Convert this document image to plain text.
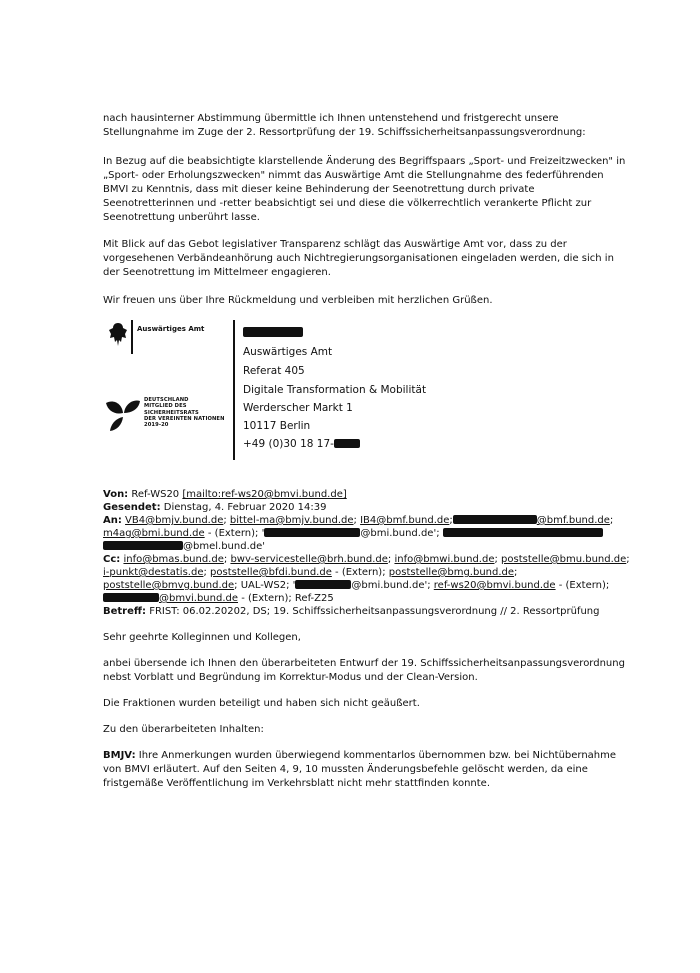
nach hausinterner Abstimmung übermittle ich Ihnen untenstehend und fristgerecht unsere
Stellungnahme im Zuge der 2. Ressortprüfung der 19. Schiffssicherheitsanpassungsverordnung:
In Bezug auf die beabsichtigte klarstellende Änderung des Begriffspaars „Sport- und Freizeitzwecken" in
„Sport- oder Erholungszwecken" nimmt das Auswärtige Amt die Stellungnahme des federführenden
BMVI zu Kenntnis, dass mit dieser keine Behinderung der Seenotrettung durch private
Seenotretterinnen und -retter beabsichtigt sei und diese die völkerrechtlich verankerte Pflicht zur
Seenotrettung unberührt lasse.
Mit Blick auf das Gebot legislativer Transparenz schlägt das Auswärtige Amt vor, dass zu der
vorgesehenen Verbändeanhörung auch Nichtregierungsorganisationen eingeladen werden, die sich in
der Seenotrettung im Mittelmeer engagieren.
Wir freuen uns über Ihre Rückmeldung und verbleiben mit herzlichen Grüßen.
Auswärtiges Amt
DEUTSCHLAND
MITGLIED DES
SICHERHEITSRATS
DER VEREINTEN NATIONEN
2019-20
Auswärtiges Amt
Referat 405
Digitale Transformation & Mobilität
Werderscher Markt 1
10117 Berlin
+49 (0)30 18 17-
Von: Ref-WS20 [mailto:ref-ws20@bmvi.bund.de]
Gesendet: Dienstag, 4. Februar 2020 14:39
An: VB4@bmjv.bund.de; bittel-ma@bmjv.bund.de; IB4@bmf.bund.de;	@bmf.bund.de;
m4ag@bmi.bund.de - (Extern); '	@bmi.bund.de';
@bmel.bund.de'
Cc: info@bmas.bund.de; bwv-servicestelle@brh.bund.de; info@bmwi.bund.de; poststelle@bmu.bund.de;
i-punkt@destatis.de; poststelle@bfdi.bund.de - (Extern); poststelle@bmg.bund.de;
poststelle@bmvg.bund.de; UAL-WS2; '	@bmi.bund.de'; ref-ws20@bmvi.bund.de - (Extern);
@bmvi.bund.de - (Extern); Ref-Z25
Betreff: FRIST: 06.02.20202, DS; 19. Schiffssicherheitsanpassungsverordnung // 2. Ressortprüfung
Sehr geehrte Kolleginnen und Kollegen,
anbei übersende ich Ihnen den überarbeiteten Entwurf der 19. Schiffssicherheitsanpassungsverordnung
nebst Vorblatt und Begründung im Korrektur-Modus und der Clean-Version.
Die Fraktionen wurden beteiligt und haben sich nicht geäußert.
Zu den überarbeiteten Inhalten:
BMJV: Ihre Anmerkungen wurden überwiegend kommentarlos übernommen bzw. bei Nichtübernahme
von BMVI erläutert. Auf den Seiten 4, 9, 10 mussten Änderungsbefehle gelöscht werden, da eine
fristgemäße Veröffentlichung im Verkehrsblatt nicht mehr stattfinden konnte.
